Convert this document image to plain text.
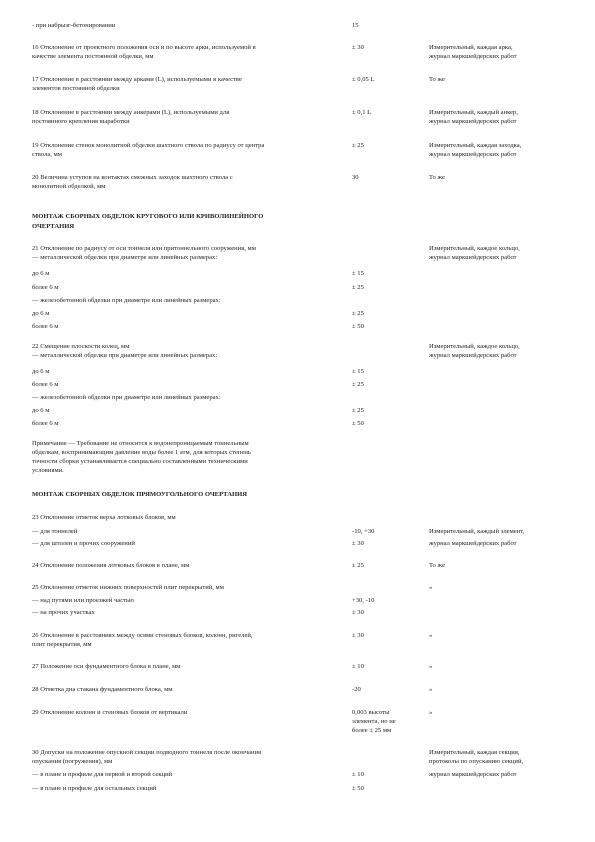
- при набрызг-бетонировании	15
16 Отклонение от проектного положения оси и по высоте арки, используемой в	± 30	Измерительный, каждая арка,
качестве элемента постоянной обделки, мм	журнал маркшейдерских работ
17 Отклонение в расстоянии между арками (L), используемыми в качестве	± 0,05 L	То же
элементов постоянной обделки
18 Отклонение в расстоянии между анкерами (L), используемыми для	± 0,1 L	Измерительный, каждый анкер,
постоянного крепления выработки	журнал маркшейдерских работ
19 Отклонение стенок монолитной обделки шахтного ствола по радиусу от центра	± 25	Измерительный, каждая заходка,
ствола, мм	журнал маркшейдерских работ
20 Величина уступов на контактах смежных заходок шахтного ствола с	30	То же
монолитной обделкой, мм
МОНТАЖ СБОРНЫХ ОБДЕЛОК КРУГОВОГО ИЛИ КРИВОЛИНЕЙНОГО
ОЧЕРТАНИЯ
21 Отклонение по радиусу от оси тоннеля или притоннельного сооружения, мм	Измерительный, каждое кольцо,
— металлической обделки при диаметре или линейных размерах:	журнал маркшейдерских работ
до 6 м	± 15
более 6 м	± 25
— железобетонной обделки при диаметре или линейных размерах:
до 6 м	± 25
более 6 м	± 50
22 Смещение плоскости колец, мм	Измерительный, каждое кольцо,
— металлической обделки при диаметре или линейных размерах:	журнал маркшейдерских работ
до 6 м	± 15
более 6 м	± 25
— железобетонной обделки при диаметре или линейных размерах:
до 6 м	± 25
более 6 м	± 50
Примечание — Требование не относится к водонепроницаемым тоннельным
обделкам, воспринимающим давление воды более 1 атм, для которых степень
точности сборки устанавливается специально составленными техническими
условиями.
МОНТАЖ СБОРНЫХ ОБДЕЛОК ПРЯМОУГОЛЬНОГО ОЧЕРТАНИЯ
23 Отклонение отметок верха лотковых блоков, мм
— для тоннелей	-10, +30	Измерительный, каждый элемент,
— для штолен и прочих сооружений	± 30	журнал маркшейдерских работ
24 Отклонение положения лотковых блоков в плане, мм	± 25	То же
25 Отклонение отметок нижних поверхностей плит перекрытий, мм	»
— над путями или проезжей частью	+30, -10
— на прочих участках	± 30
26 Отклонение в расстояниях между осями стеновых блоков, колонн, ригелей,	± 30	»
плит перекрытия, мм
27 Положение оси фундаментного блока в плане, мм	± 10	»
28 Отметка дна стакана фундаментного блока, мм	-20	»
29 Отклонение колонн и стеновых блоков от вертикали	0,003 высоты	»
элемента, но не
более ± 25 мм
30 Допуски на положение опускной секции подводного тоннеля после окончания	Измерительный, каждая секция,
опускания (погружения), мм	протоколы по опусканию секций,
— в плане и профиле для первой и второй секций	± 10	журнал маркшейдерских работ
— в плане и профиле для остальных секций	± 50
